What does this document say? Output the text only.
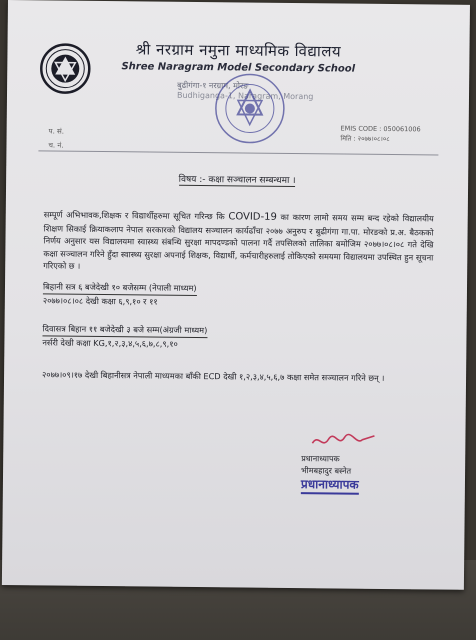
श्री नरग्राम नमुना माध्यमिक विद्यालय
Shree Naragram Model Secondary School
बुढीगंगा-१ नरग्राम, मोरङ
Budhiganga-1, Naragram, Morang
प. सं.
च. नं.
EMIS CODE : 050061006
मिति : २०७७।०८।०८
विषय :- कक्षा सञ्चालन सम्बन्धमा ।
सम्पूर्ण अभिभावक,शिक्षक र विद्यार्थीहरुमा सूचित गरिन्छ कि COVID-19 का कारण लामो समय सम्म बन्द रहेको विद्यालयीय शिक्षण सिकाई क्रियाकलाप नेपाल सरकारको विद्यालय सञ्चालन कार्यढाँचा २०७७ अनुरुप र बुढीगंगा गा.पा. मोरङको प्र.अ. बैठकको निर्णय अनुसार यस विद्यालयमा स्वास्थ्य संबन्धि सुरक्षा मापदण्डको पालना गर्दै तपसिलको तालिका बमोजिम २०७७।०८।०८ गते देखि कक्षा सञ्चालन गरिने हुँदा स्वास्थ्य सुरक्षा अपनाई शिक्षक, विद्यार्थी, कर्मचारीहरुलाई तोकिएको समयमा विद्यालयमा उपस्थित हुन सूचना गरिएको छ ।
बिहानी सत्र ६ बजेदेखी १० बजेसम्म (नेपाली माध्यम)
२०७७।०८।०८ देखी कक्षा ६,९,१० र ११
दिवासत्र बिहान ११ बजेदेखी ३ बजे सम्म(अंग्रजी माध्यम)
नर्सरी देखी कक्षा KG,१,२,३,४,५,६,७,८,९,१०
२०७७।०९।१७ देखी बिहानीसत्र नेपाली माध्यमका बाँकी ECD देखी १,२,३,४,५,६,७ कक्षा समेत सञ्चालन गरिने छन् ।
प्रधानाध्यापक
भीमबहादुर बस्नेत
प्रधानाध्यापक
